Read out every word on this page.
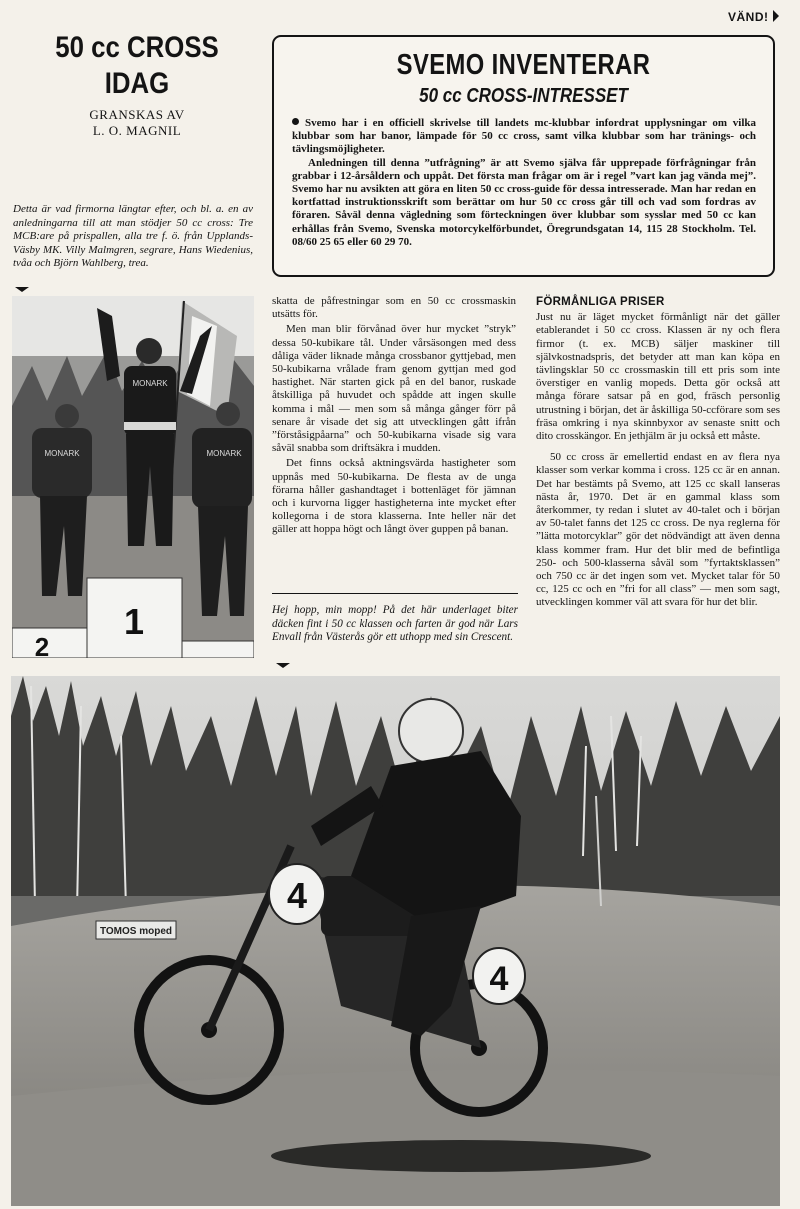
VÄND!
50 cc CROSS
IDAG
GRANSKAS AV
L. O. MAGNIL
Detta är vad firmorna längtar efter, och bl. a. en av anledningarna till att man stödjer 50 cc cross: Tre MCB:are på prispallen, alla tre f. ö. från Upplands-Väsby MK. Villy Malmgren, segrare, Hans Wiedenius, tvåa och Björn Wahlberg, trea.
1
2
MONARK
MONARK	MONARK
SVEMO INVENTERAR
50 cc CROSS-INTRESSET

Svemo har i en officiell skrivelse till landets mc-klubbar infordrat upplysningar om vilka klubbar som har banor, lämpade för 50 cc cross, samt vilka klubbar som har tränings- och tävlingsmöjligheter.

Anledningen till denna ”utfrågning” är att Svemo själva får upprepade förfrågningar från grabbar i 12-årsåldern och uppåt. Det första man frågar om är i regel ”vart kan jag vända mej”. Svemo har nu avsikten att göra en liten 50 cc cross-guide för dessa intresserade. Man har redan en kortfattad instruktionsskrift som berättar om hur 50 cc cross går till och vad som fordras av föraren. Såväl denna vägledning som förteckningen över klubbar som sysslar med 50 cc kan erhållas från Svemo, Svenska motorcykelförbundet, Öregrundsgatan 14, 115 28 Stockholm. Tel. 08/60 25 65 eller 60 29 70.

skatta de påfrestningar som en 50 cc crossmaskin utsätts för.

Men man blir förvånad över hur mycket ”stryk” dessa 50-kubikare tål. Under vårsäsongen med dess dåliga väder liknade många crossbanor gyttjebad, men 50-kubikarna vrålade fram genom gyttjan med god hastighet. När starten gick på en del banor, ruskade åtskilliga på huvudet och spådde att ingen skulle komma i mål — men som så många gånger förr på senare år visade det sig att utvecklingen gått ifrån ”förståsigpåarna” och 50-kubikarna visade sig vara såväl snabba som driftsäkra i mudden.

Det finns också aktningsvärda hastigheter som uppnås med 50-kubikarna. De flesta av de unga förarna håller gashandtaget i bottenläget för jämnan och i kurvorna ligger hastigheterna inte mycket efter kollegorna i de stora klasserna. Inte heller när det gäller att hoppa högt och långt över guppen på banan.

Hej hopp, min mopp! På det här underlaget biter däcken fint i 50 cc klassen och farten är god när Lars Envall från Västerås gör ett uthopp med sin Crescent.

FÖRMÅNLIGA PRISER

Just nu är läget mycket förmånligt när det gäller etablerandet i 50 cc cross. Klassen är ny och flera firmor (t. ex. MCB) säljer maskiner till självkostnadspris, det betyder att man kan köpa en tävlingsklar 50 cc crossmaskin till ett pris som inte överstiger en vanlig mopeds. Detta gör också att många förare satsar på en god, fräsch personlig utrustning i början, det är åskilliga 50-ccförare som ses fräsa omkring i nya skinnbyxor av senaste snitt och dito crosskängor. En jethjälm är ju också ett måste.

50 cc cross är emellertid endast en av flera nya klasser som verkar komma i cross. 125 cc är en annan. Det har bestämts på Svemo, att 125 cc skall lanseras nästa år, 1970. Det är en gammal klass som återkommer, ty redan i slutet av 40-talet och i början av 50-talet fanns det 125 cc cross. De nya reglerna för ”lätta motorcyklar” gör det nödvändigt att även denna klass kommer fram. Hur det blir med de befintliga 250- och 500-klasserna såväl som ”fyrtaktsklassen” och 750 cc är det ingen som vet. Mycket talar för 50 cc, 125 cc och en ”fri for all class” — men som sagt, utvecklingen kommer väl att svara för hur det blir.

TOMOS moped
4
4
